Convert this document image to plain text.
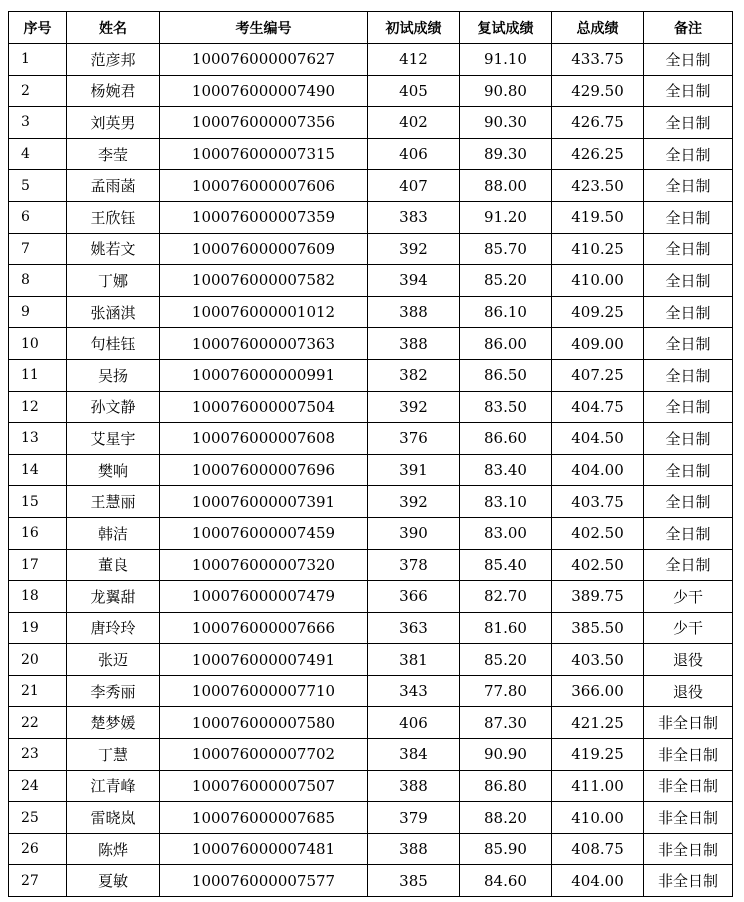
序号	姓名	考生编号	初试成绩	复试成绩	总成绩	备注
1	范彦邦	100076000007627	412	91.10	433.75	全日制
2	杨婉君	100076000007490	405	90.80	429.50	全日制
3	刘英男	100076000007356	402	90.30	426.75	全日制
4	李莹	100076000007315	406	89.30	426.25	全日制
5	孟雨菡	100076000007606	407	88.00	423.50	全日制
6	王欣钰	100076000007359	383	91.20	419.50	全日制
7	姚若文	100076000007609	392	85.70	410.25	全日制
8	丁娜	100076000007582	394	85.20	410.00	全日制
9	张涵淇	100076000001012	388	86.10	409.25	全日制
10	句桂钰	100076000007363	388	86.00	409.00	全日制
11	吴扬	100076000000991	382	86.50	407.25	全日制
12	孙文静	100076000007504	392	83.50	404.75	全日制
13	艾星宇	100076000007608	376	86.60	404.50	全日制
14	樊响	100076000007696	391	83.40	404.00	全日制
15	王慧丽	100076000007391	392	83.10	403.75	全日制
16	韩洁	100076000007459	390	83.00	402.50	全日制
17	董良	100076000007320	378	85.40	402.50	全日制
18	龙翼甜	100076000007479	366	82.70	389.75	少干
19	唐玲玲	100076000007666	363	81.60	385.50	少干
20	张迈	100076000007491	381	85.20	403.50	退役
21	李秀丽	100076000007710	343	77.80	366.00	退役
22	楚梦媛	100076000007580	406	87.30	421.25	非全日制
23	丁慧	100076000007702	384	90.90	419.25	非全日制
24	江青峰	100076000007507	388	86.80	411.00	非全日制
25	雷晓岚	100076000007685	379	88.20	410.00	非全日制
26	陈烨	100076000007481	388	85.90	408.75	非全日制
27	夏敏	100076000007577	385	84.60	404.00	非全日制
